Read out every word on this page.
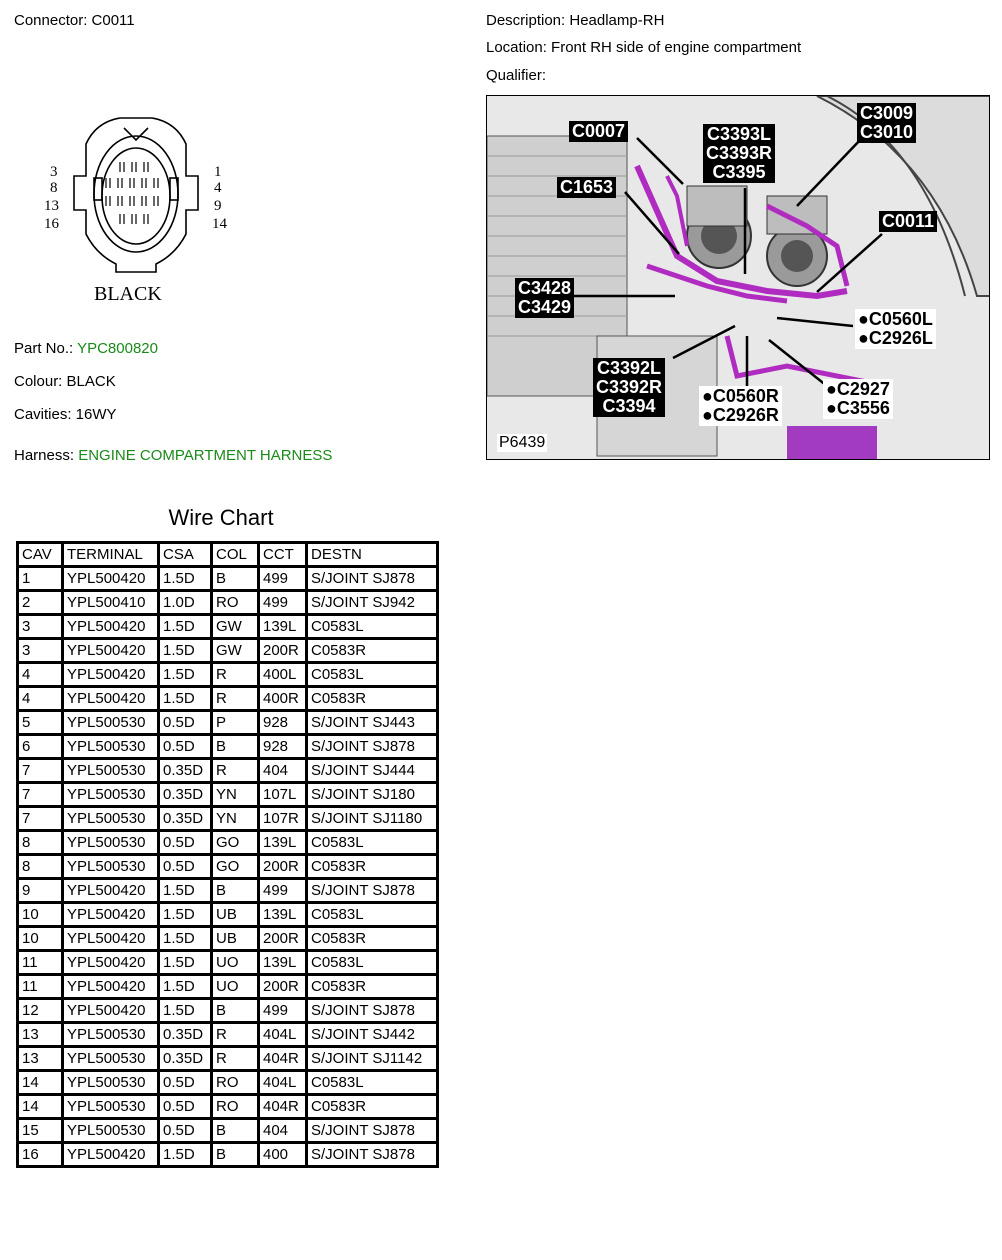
Connector: C0011	Description: Headlamp-RH
Location: Front RH side of engine compartment
Qualifier:
3
8
13
16
1
4
9
14
BLACK
Part No.: YPC800820
Colour: BLACK
Cavities: 16WY
Harness: ENGINE COMPARTMENT HARNESS
C0007	C3393L
C3393R
C3395
C3009
C3010
C1653
C0011
C3428
C3429
●C0560L
●C2926L
C3392L
C3392R
C3394
●C2927
●C3556
●C0560R
●C2926R
P6439
Wire Chart
CAV	TERMINAL	CSA	COL	CCT	DESTN
1	YPL500420	1.5D	B	499	S/JOINT SJ878
2	YPL500410	1.0D	RO	499	S/JOINT SJ942
3	YPL500420	1.5D	GW	139L	C0583L
3	YPL500420	1.5D	GW	200R	C0583R
4	YPL500420	1.5D	R	400L	C0583L
4	YPL500420	1.5D	R	400R	C0583R
5	YPL500530	0.5D	P	928	S/JOINT SJ443
6	YPL500530	0.5D	B	928	S/JOINT SJ878
7	YPL500530	0.35D	R	404	S/JOINT SJ444
7	YPL500530	0.35D	YN	107L	S/JOINT SJ180
7	YPL500530	0.35D	YN	107R	S/JOINT SJ1180
8	YPL500530	0.5D	GO	139L	C0583L
8	YPL500530	0.5D	GO	200R	C0583R
9	YPL500420	1.5D	B	499	S/JOINT SJ878
10	YPL500420	1.5D	UB	139L	C0583L
10	YPL500420	1.5D	UB	200R	C0583R
11	YPL500420	1.5D	UO	139L	C0583L
11	YPL500420	1.5D	UO	200R	C0583R
12	YPL500420	1.5D	B	499	S/JOINT SJ878
13	YPL500530	0.35D	R	404L	S/JOINT SJ442
13	YPL500530	0.35D	R	404R	S/JOINT SJ1142
14	YPL500530	0.5D	RO	404L	C0583L
14	YPL500530	0.5D	RO	404R	C0583R
15	YPL500530	0.5D	B	404	S/JOINT SJ878
16	YPL500420	1.5D	B	400	S/JOINT SJ878
